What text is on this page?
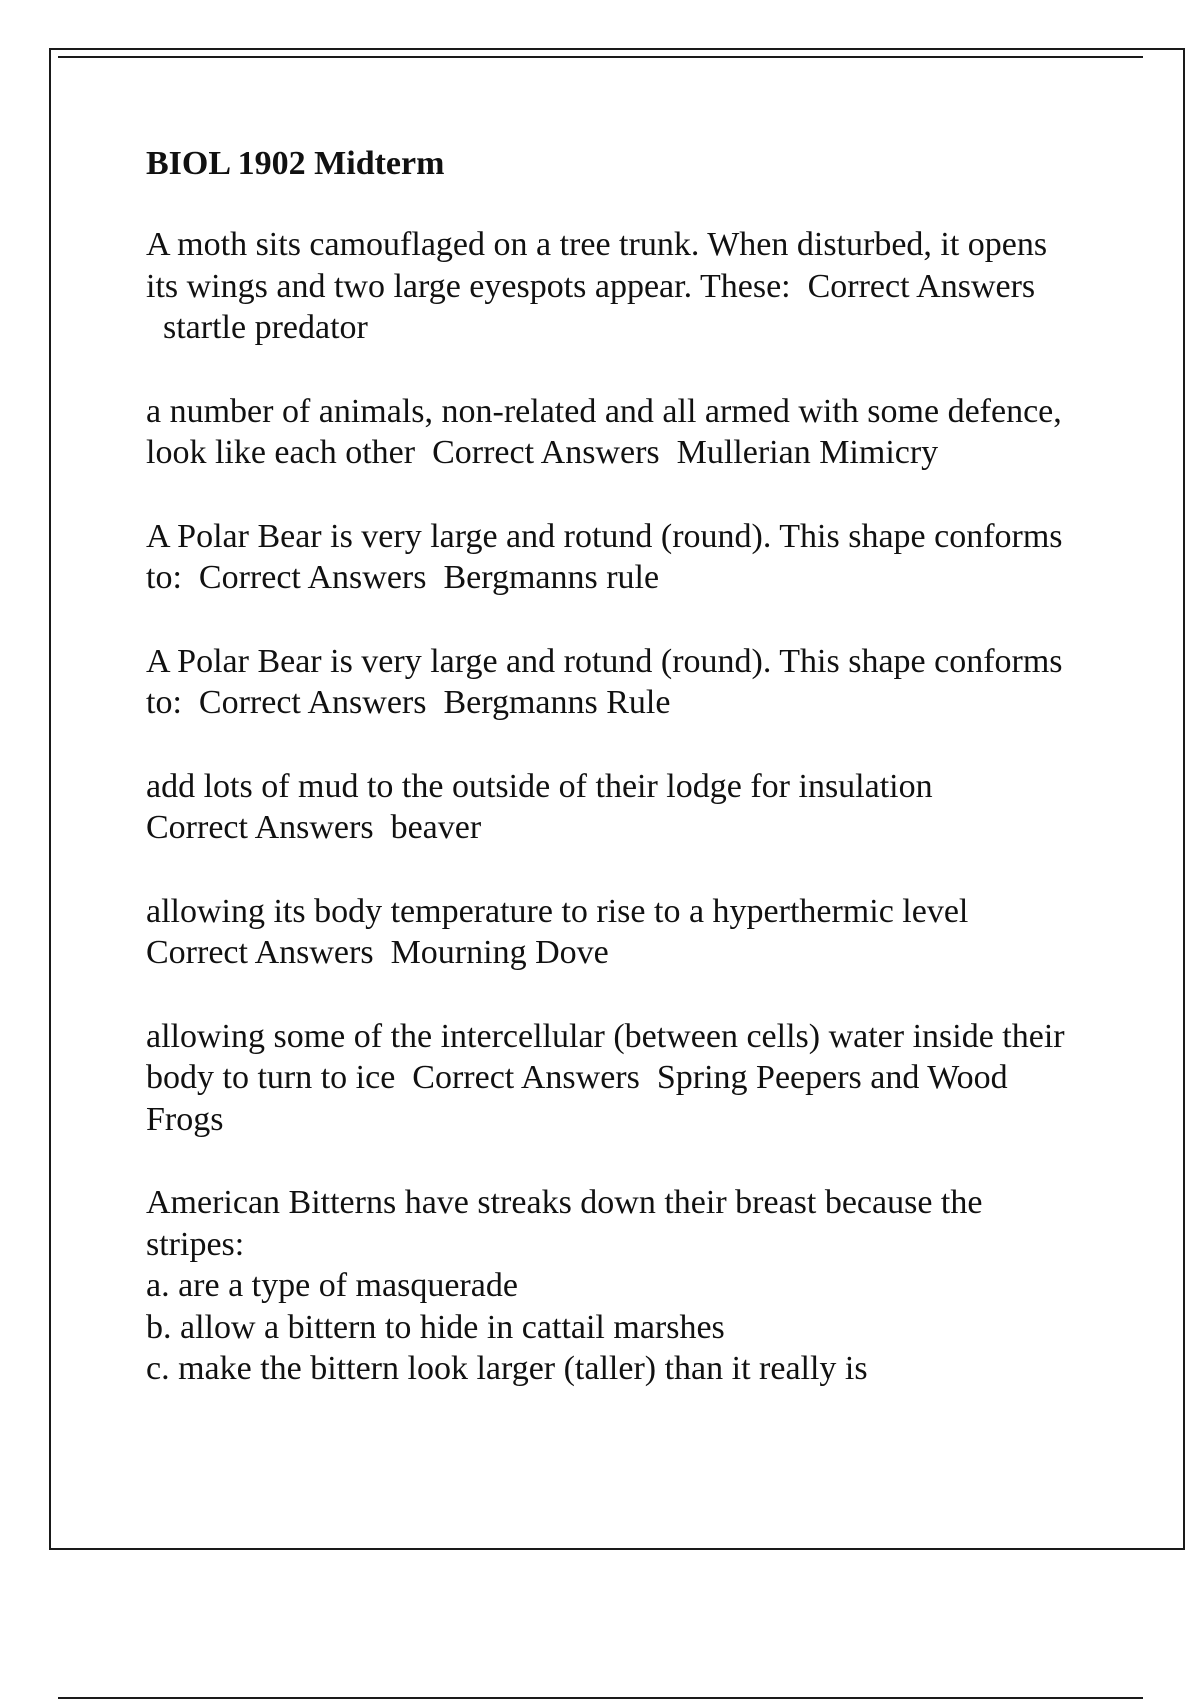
BIOL 1902 Midterm
A moth sits camouflaged on a tree trunk. When disturbed, it opens its wings and two large eyespots appear. These: Correct Answers  startle predator
a number of animals, non-related and all armed with some defence, look like each other Correct Answers Mullerian Mimicry
A Polar Bear is very large and rotund (round). This shape conforms to: Correct Answers Bergmanns rule
A Polar Bear is very large and rotund (round). This shape conforms to: Correct Answers Bergmanns Rule
add lots of mud to the outside of their lodge for insulation
Correct Answers beaver
allowing its body temperature to rise to a hyperthermic level
Correct Answers Mourning Dove
allowing some of the intercellular (between cells) water inside their body to turn to ice Correct Answers Spring Peepers and Wood Frogs
American Bitterns have streaks down their breast because the stripes:
a. are a type of masquerade
b. allow a bittern to hide in cattail marshes
c. make the bittern look larger (taller) than it really is
